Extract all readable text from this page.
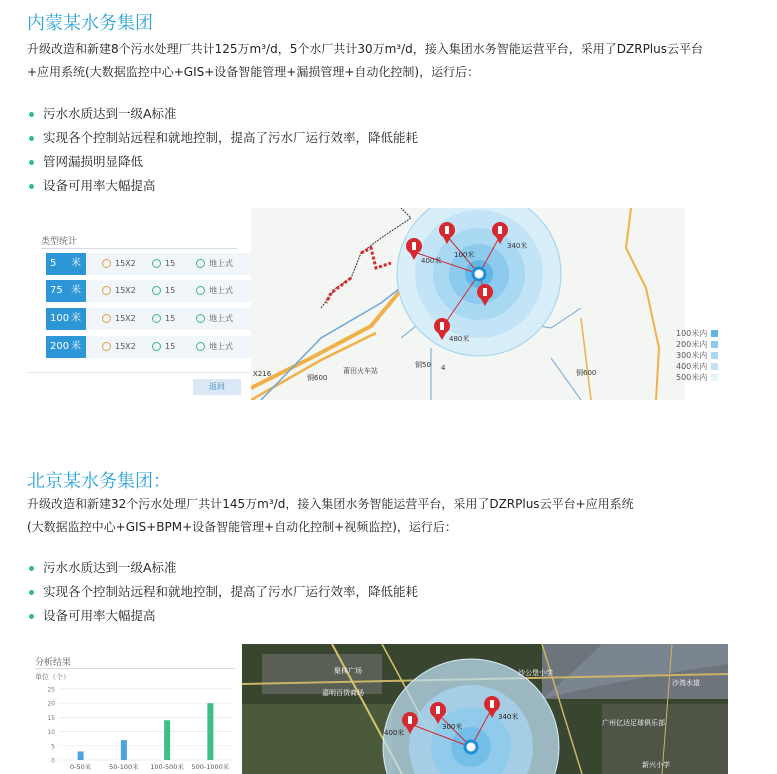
内蒙某水务集团
升级改造和新建8个污水处理厂共计125万m³/d，5个水厂共计30万m³/d，接入集团水务智能运营平台，采用了DZRPlus云平台
+应用系统(大数据监控中心+GIS+设备智能管理+漏损管理+自动化控制)，运行后：
污水水质达到一级A标准
实现各个控制站远程和就地控制，提高了污水厂运行效率，降低能耗
管网漏损明显降低
设备可用率大幅提高
类型统计
5 米	15X2	15	地上式
75 米	15X2	15	地上式
100 米	15X2	15	地上式
200 米	15X2	15	地上式
返回
340米
400米
100米
480米
莆田火车站
X216	铜600
铜50 4
铜600
100米内
200米内
300米内
400米内
500米内
北京某水务集团：
升级改造和新建32个污水处理厂共计145万m³/d，接入集团水务智能运营平台，采用了DZRPlus云平台+应用系统
(大数据监控中心+GIS+BPM+设备智能管理+自动化控制+视频监控)，运行后：
污水水质达到一级A标准
实现各个控制站远程和就地控制，提高了污水厂运行效率，降低能耗
设备可用率大幅提高
分析结果
单位（个）
0
5
10
15
20
25
0-50米	50-100米 100-500米 500-1000米
340米
300米
400米
聚林广场
嘉明百货商场
沙湾水道
广州亿达足球俱乐部
新兴小学
沙公堡小学
